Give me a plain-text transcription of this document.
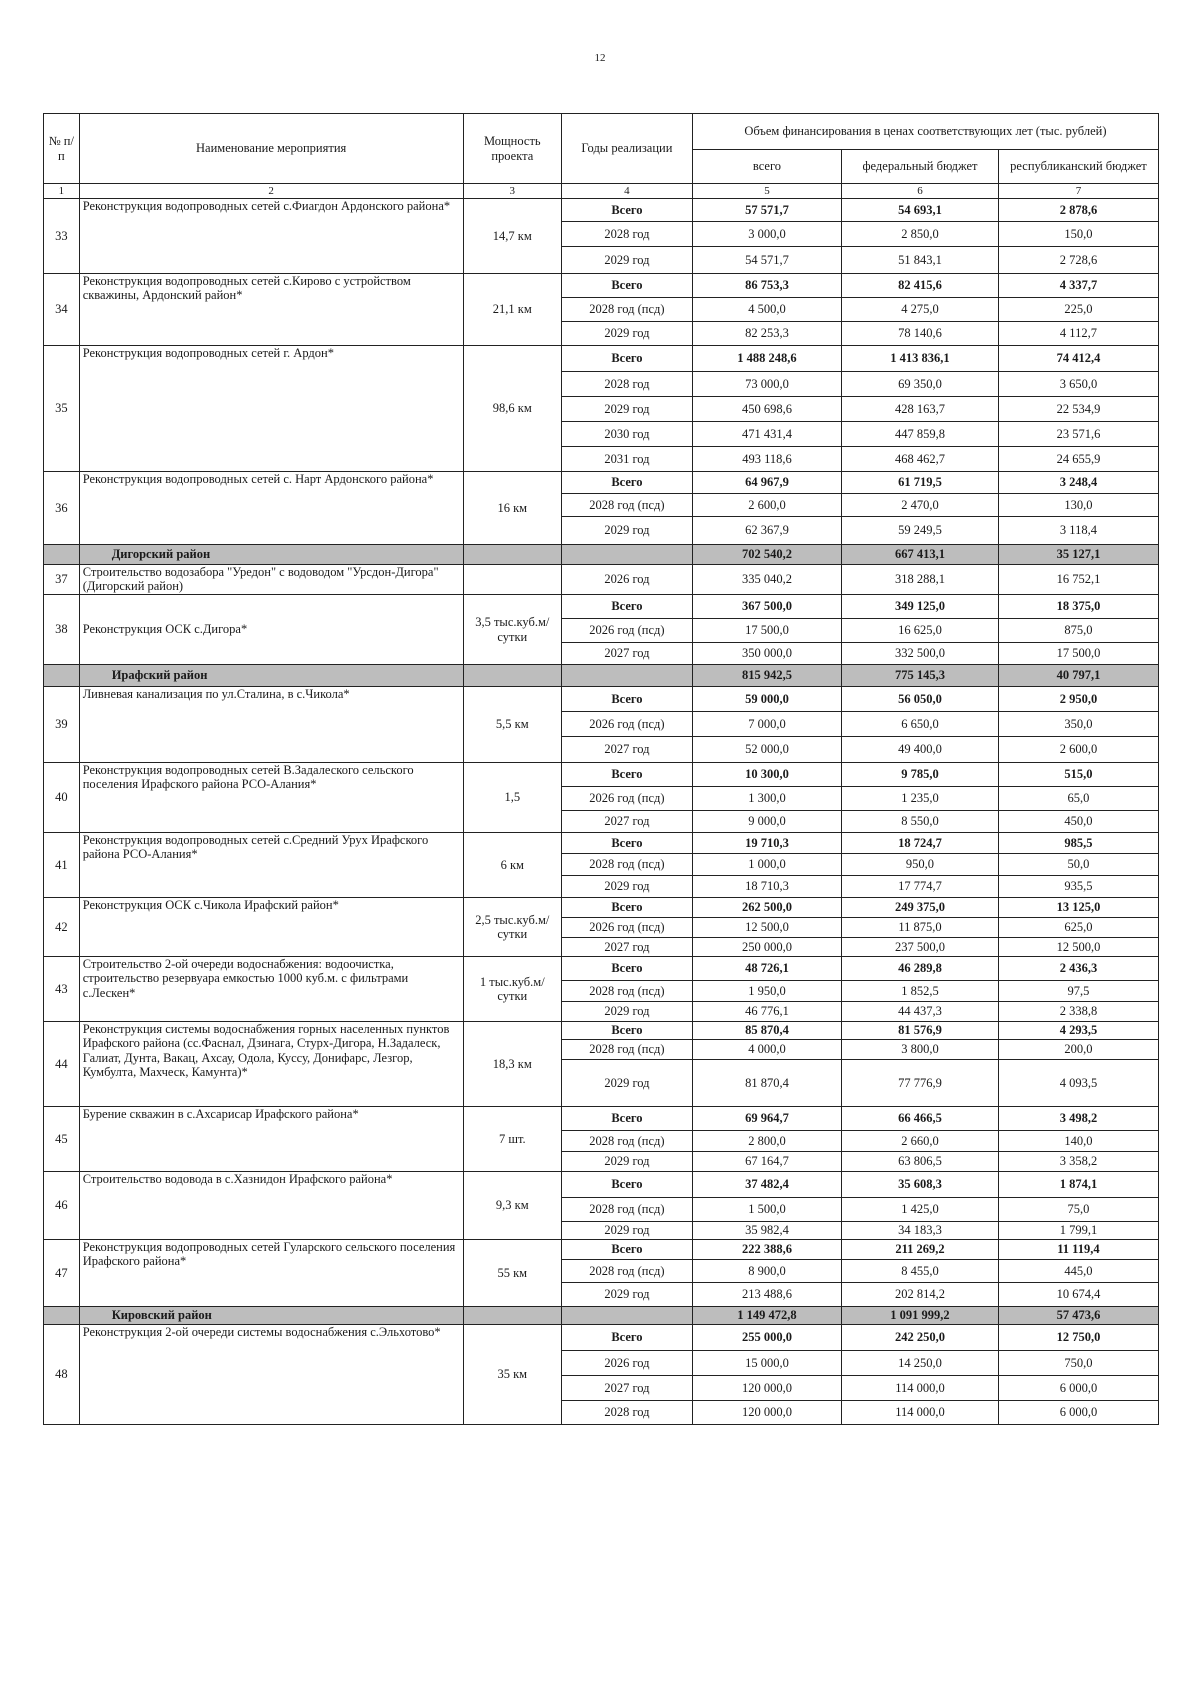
12
№ п/п	Наименование мероприятия	Мощность проекта	Годы реализации	Объем финансирования в ценах соответствующих лет (тыс. рублей)		
				всего	федеральный бюджет	республиканский бюджет
1	2	3	4	5	6	7
33	Реконструкция водопроводных сетей с.Фиагдон Ардонского района*	14,7 км	Всего	57 571,7	54 693,1	2 878,6
			2028 год	3 000,0	2 850,0	150,0
			2029 год	54 571,7	51 843,1	2 728,6
34	Реконструкция водопроводных сетей с.Кирово с устройством скважины, Ардонский район*	21,1 км	Всего	86 753,3	82 415,6	4 337,7
			2028 год (псд)	4 500,0	4 275,0	225,0
			2029 год	82 253,3	78 140,6	4 112,7
35	Реконструкция водопроводных сетей г. Ардон*	98,6 км	Всего	1 488 248,6	1 413 836,1	74 412,4
			2028 год	73 000,0	69 350,0	3 650,0
			2029 год	450 698,6	428 163,7	22 534,9
			2030 год	471 431,4	447 859,8	23 571,6
			2031 год	493 118,6	468 462,7	24 655,9
36	Реконструкция водопроводных сетей с. Нарт Ардонского района*	16 км	Всего	64 967,9	61 719,5	3 248,4
			2028 год (псд)	2 600,0	2 470,0	130,0
			2029 год	62 367,9	59 249,5	3 118,4
	Дигорский район			702 540,2	667 413,1	35 127,1
37	Строительство водозабора "Уредон" с водоводом "Урсдон-Дигора" (Дигорский район)		2026 год	335 040,2	318 288,1	16 752,1
38	Реконструкция ОСК с.Дигора*	3,5 тыс.куб.м/сутки	Всего	367 500,0	349 125,0	18 375,0
			2026 год (псд)	17 500,0	16 625,0	875,0
			2027 год	350 000,0	332 500,0	17 500,0
	Ирафский район			815 942,5	775 145,3	40 797,1
39	Ливневая канализация по ул.Сталина, в с.Чикола*	5,5 км	Всего	59 000,0	56 050,0	2 950,0
			2026 год (псд)	7 000,0	6 650,0	350,0
			2027 год	52 000,0	49 400,0	2 600,0
40	Реконструкция водопроводных сетей В.Задалеского сельского поселения Ирафского района РСО-Алания*	1,5	Всего	10 300,0	9 785,0	515,0
			2026 год (псд)	1 300,0	1 235,0	65,0
			2027 год	9 000,0	8 550,0	450,0
41	Реконструкция водопроводных сетей с.Средний Урух Ирафского района РСО-Алания*	6 км	Всего	19 710,3	18 724,7	985,5
			2028 год (псд)	1 000,0	950,0	50,0
			2029 год	18 710,3	17 774,7	935,5
42	Реконструкция ОСК с.Чикола Ирафский район*	2,5 тыс.куб.м/сутки	Всего	262 500,0	249 375,0	13 125,0
			2026 год (псд)	12 500,0	11 875,0	625,0
			2027 год	250 000,0	237 500,0	12 500,0
43	Строительство 2-ой очереди водоснабжения: водоочистка, строительство резервуара емкостью 1000 куб.м. с фильтрами с.Лескен*	1 тыс.куб.м/сутки	Всего	48 726,1	46 289,8	2 436,3
			2028 год (псд)	1 950,0	1 852,5	97,5
			2029 год	46 776,1	44 437,3	2 338,8
44	Реконструкция системы водоснабжения горных населенных пунктов Ирафского района (сс.Фаснал, Дзинага, Стурх-Дигора, Н.Задалеск, Галиат, Дунта, Вакац, Ахсау, Одола, Куссу, Донифарс, Лезгор, Кумбулта, Махческ, Камунта)*	18,3 км	Всего	85 870,4	81 576,9	4 293,5
			2028 год (псд)	4 000,0	3 800,0	200,0
			2029 год	81 870,4	77 776,9	4 093,5
45	Бурение скважин в с.Ахсарисар Ирафского района*	7 шт.	Всего	69 964,7	66 466,5	3 498,2
			2028 год (псд)	2 800,0	2 660,0	140,0
			2029 год	67 164,7	63 806,5	3 358,2
46	Строительство водовода в с.Хазнидон Ирафского района*	9,3 км	Всего	37 482,4	35 608,3	1 874,1
			2028 год (псд)	1 500,0	1 425,0	75,0
			2029 год	35 982,4	34 183,3	1 799,1
47	Реконструкция водопроводных сетей Гуларского сельского поселения Ирафского района*	55 км	Всего	222 388,6	211 269,2	11 119,4
			2028 год (псд)	8 900,0	8 455,0	445,0
			2029 год	213 488,6	202 814,2	10 674,4
	Кировский район			1 149 472,8	1 091 999,2	57 473,6
48	Реконструкция 2-ой очереди системы водоснабжения с.Эльхотово*	35 км	Всего	255 000,0	242 250,0	12 750,0
			2026 год	15 000,0	14 250,0	750,0
			2027 год	120 000,0	114 000,0	6 000,0
			2028 год	120 000,0	114 000,0	6 000,0
